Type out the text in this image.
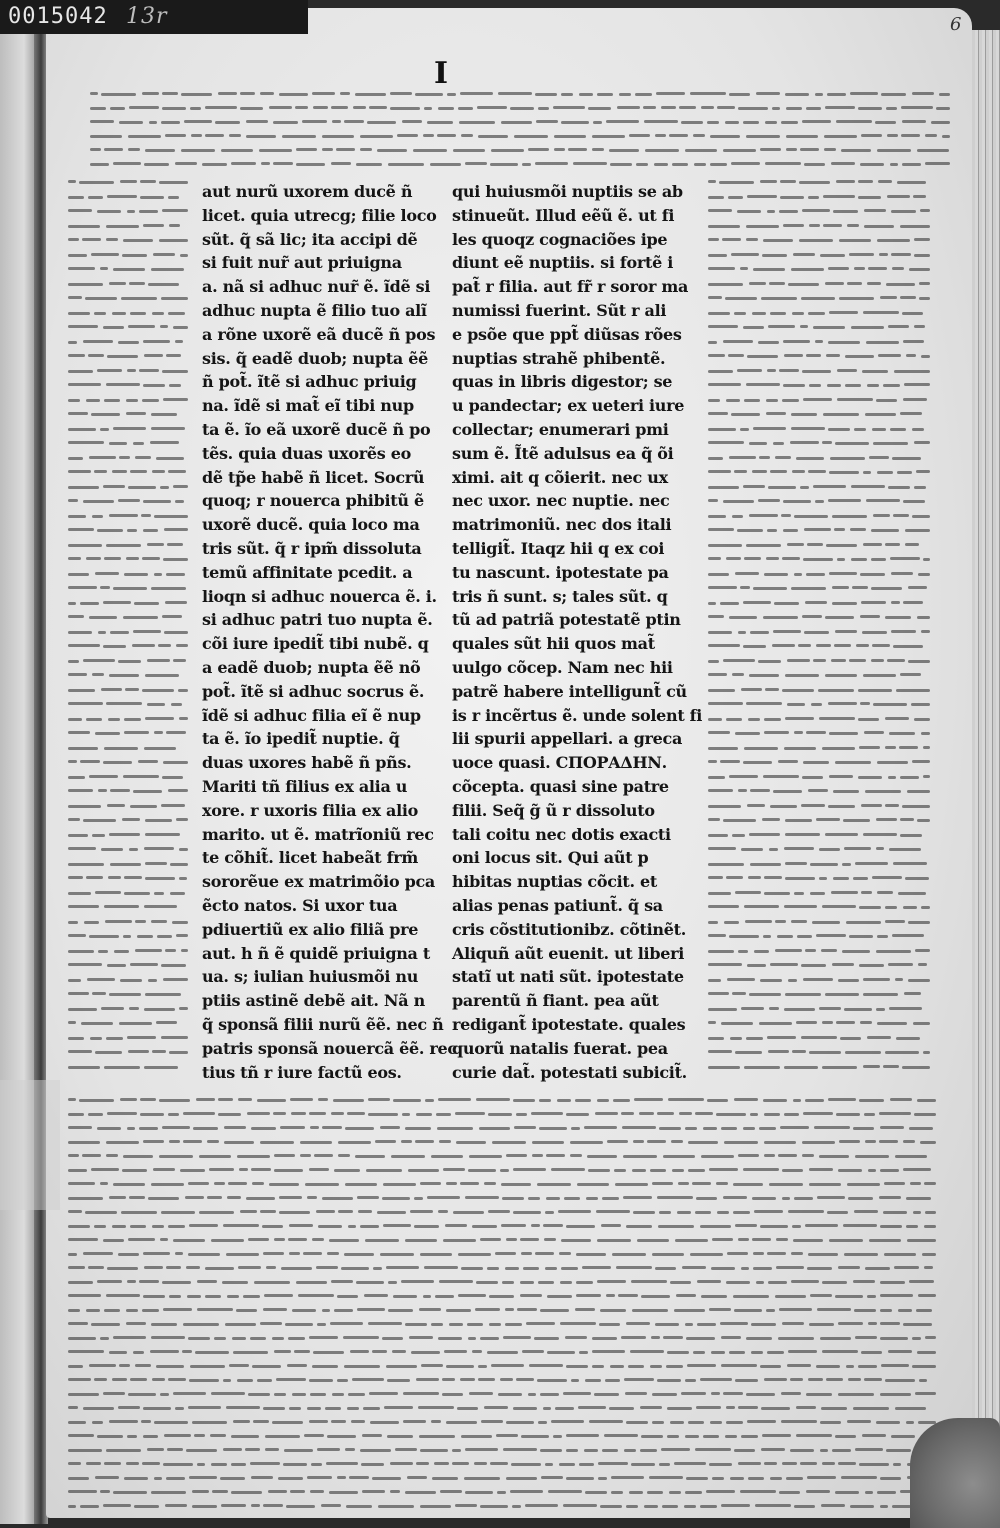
0015042 13r	6
I
aut nurũ uxorem ducẽ ñ
licet. quia utrecg; filie loco
sũt. q̃ sã lic; ita accipi dẽ
si fuit nur̃ aut priuigna
a. nã si adhuc nur̃ ẽ. ĩdẽ si
adhuc nupta ẽ filio tuo alĩ
a rõne uxorẽ eã ducẽ ñ pos
sis. q̃ eadẽ duob; nupta ẽẽ
ñ pot̃. ĩtẽ si adhuc priuig
na. ĩdẽ si mat̃ eĩ tibi nup
ta ẽ. ĩo eã uxorẽ ducẽ ñ po
tẽs. quia duas uxorẽs eo
dẽ tp̃e habẽ ñ licet. Socrũ
quoq; r nouerca phibitũ ẽ
uxorẽ ducẽ. quia loco ma
tris sũt. q̃ r ipm̃ dissoluta
temũ affinitate pcedit. a
lioqn si adhuc nouerca ẽ. i.
si adhuc patri tuo nupta ẽ.
cõi iure ipedit̃ tibi nubẽ. q
a eadẽ duob; nupta ẽẽ nõ
pot̃. ĩtẽ si adhuc socrus ẽ.
ĩdẽ si adhuc filia eĩ ẽ nup
ta ẽ. ĩo ipedit̃ nuptie. q̃
duas uxores habẽ ñ pñs.
Mariti tñ filius ex alia u
xore. r uxoris filia ex alio
marito. ut ẽ. matrĩoniũ rec
te cõhit̃. licet habeãt frm̃
sororẽue ex matrimõio pca
ẽcto natos. Si uxor tua
pdiuertiũ ex alio filiã pre
aut. h ñ ẽ quidẽ priuigna t
ua. s; iulian huiusmõi nu
ptiis astinẽ debẽ ait. Nã n
q̃ sponsã filii nurũ ẽẽ. nec ñ
patris sponsã nouercã ẽẽ. rec
tius tñ r iure factũ eos.
qui huiusmõi nuptiis se ab
stinueũt. Illud eẽũ ẽ. ut fi
les quoqz cognaciões ipe
diunt eẽ nuptiis. si fortẽ i
pat̃ r filia. aut fr̃ r soror ma
numissi fuerint. Sũt r ali
e psõe que ppt̃ diũsas rões
nuptias strahẽ phibentẽ.
quas in libris digestor; se
u pandectar; ex ueteri iure
collectar; enumerari pmi
sum ẽ. Ĩtẽ adulsus ea q̃ õi
ximi. ait q cõierit. nec ux
nec uxor. nec nuptie. nec
matrimoniũ. nec dos itali
telligit̃. Itaqz hii q ex coi
tu nascunt. ipotestate pa
tris ñ sunt. s; tales sũt. q
tũ ad patriã potestatẽ ptin
quales sũt hii quos mat̃
uulgo cõcep. Nam nec hii
patrẽ habere intelligunt̃ cũ
is r incẽrtus ẽ. unde solent fi
lii spurii appellari. a greca
uoce quasi. CΠΟΡΑΔΗΝ.
cõcepta. quasi sine patre
filii. Seq̃ g̃ ũ r dissoluto
tali coitu nec dotis exacti
oni locus sit. Qui aũt p
hibitas nuptias cõcit. et
alias penas patiunt̃. q̃ sa
cris cõstitutionibz. cõtinẽt.
Aliquñ aũt euenit. ut liberi
statĩ ut nati sũt. ipotestate
parentũ ñ fiant. pea aũt
redigant̃ ipotestate. quales
quorũ natalis fuerat. pea
curie dat̃. potestati subicit̃.
